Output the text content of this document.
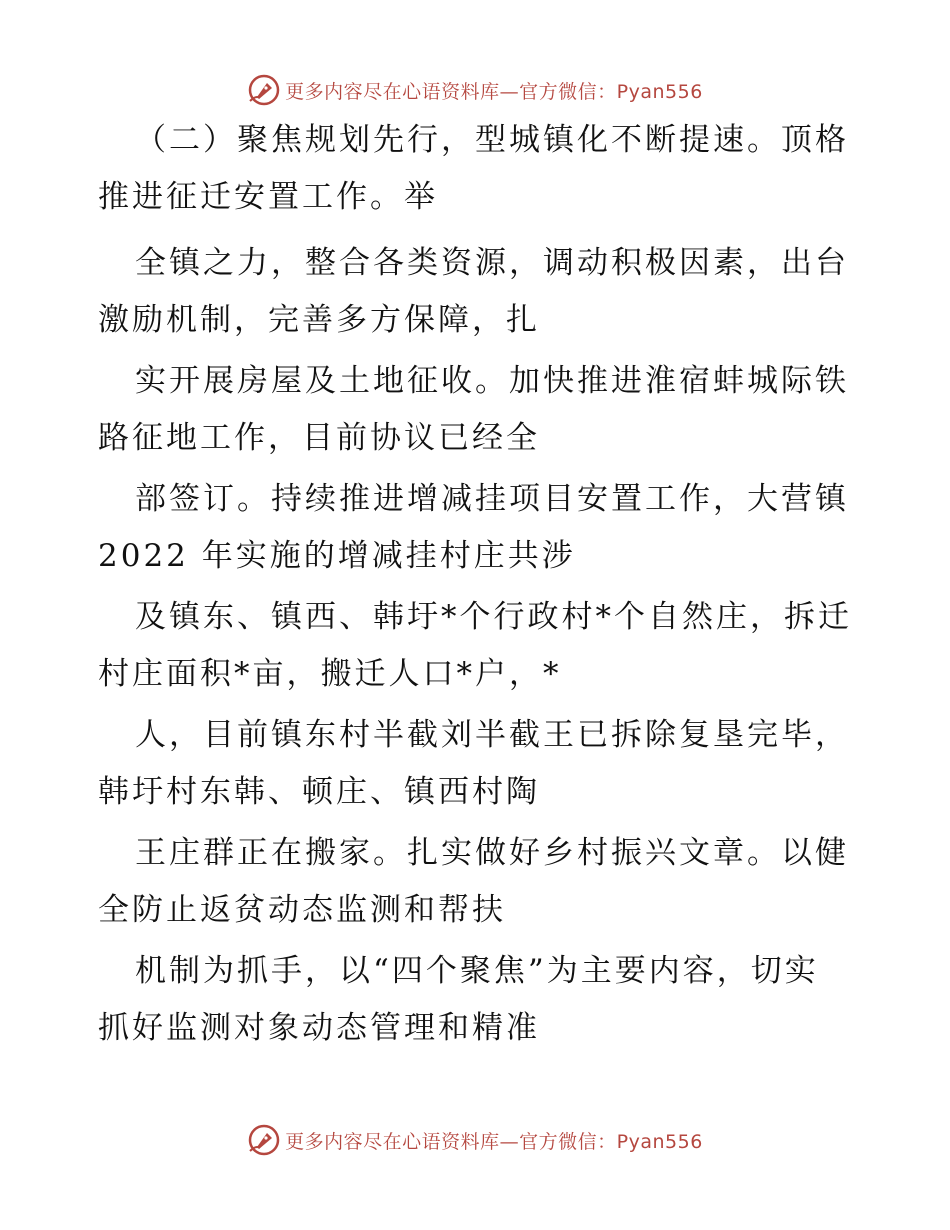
更多内容尽在心语资料库—官方微信：Pyan556
（二）聚焦规划先行，型城镇化不断提速。顶格
推进征迁安置工作。举
全镇之力，整合各类资源，调动积极因素，出台
激励机制，完善多方保障，扎
实开展房屋及土地征收。加快推进淮宿蚌城际铁
路征地工作，目前协议已经全
部签订。持续推进增减挂项目安置工作，大营镇
2022 年实施的增减挂村庄共涉
及镇东、镇西、韩圩*个行政村*个自然庄，拆迁
村庄面积*亩，搬迁人口*户，*
人，目前镇东村半截刘半截王已拆除复垦完毕，
韩圩村东韩、顿庄、镇西村陶
王庄群正在搬家。扎实做好乡村振兴文章。以健
全防止返贫动态监测和帮扶
机制为抓手，以“四个聚焦”为主要内容，切实
抓好监测对象动态管理和精准
更多内容尽在心语资料库—官方微信：Pyan556
